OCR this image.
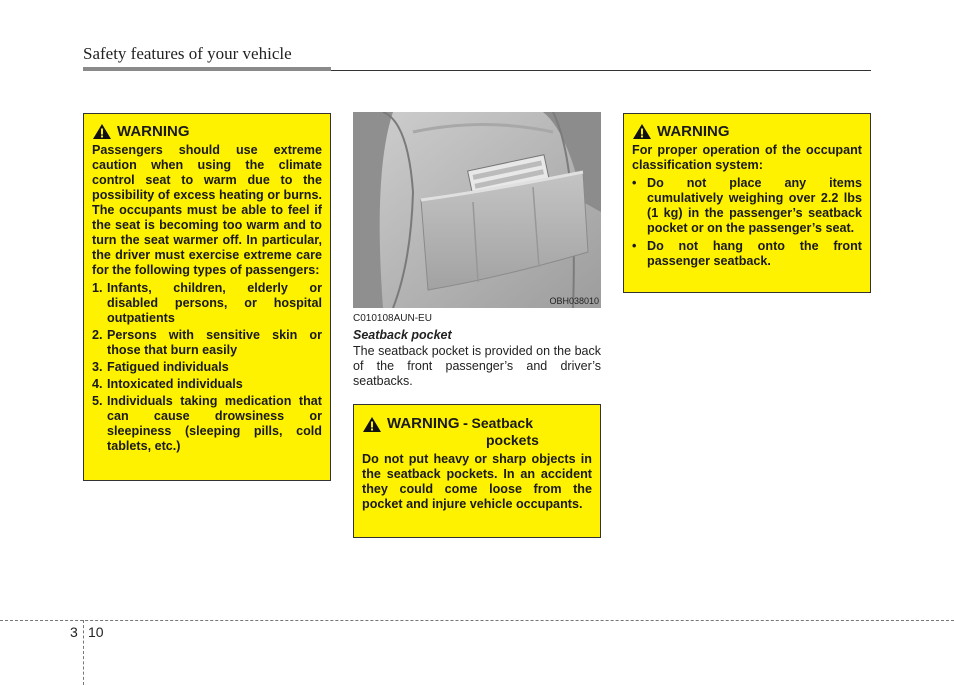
Safety features of your vehicle
WARNING

Passengers should use extreme caution when using the climate control seat to warm due to the possibility of excess heating or burns. The occupants must be able to feel if the seat is becoming too warm and to turn the seat warmer off. In particular, the driver must exercise extreme care for the following types of passengers:

1. Infants, children, elderly or disabled persons, or hospital outpatients
2. Persons with sensitive skin or those that burn easily
3. Fatigued individuals
4. Intoxicated individuals
5. Individuals taking medication that can cause drowsiness or sleepiness (sleeping pills, cold tablets, etc.)
OBH038010
C010108AUN-EU
Seatback pocket
The seatback pocket is provided on the back of the front passenger’s and driver’s seatbacks.
WARNING - Seatback
pockets

Do not put heavy or sharp objects in the seatback pockets. In an accident they could come loose from the pocket and injure vehicle occupants.

WARNING

For proper operation of the occupant classification system:

• Do not place any items cumulatively weighing over 2.2 lbs (1 kg) in the passenger’s seatback pocket or on the passenger’s seat.
• Do not hang onto the front passenger seatback.
3 10
